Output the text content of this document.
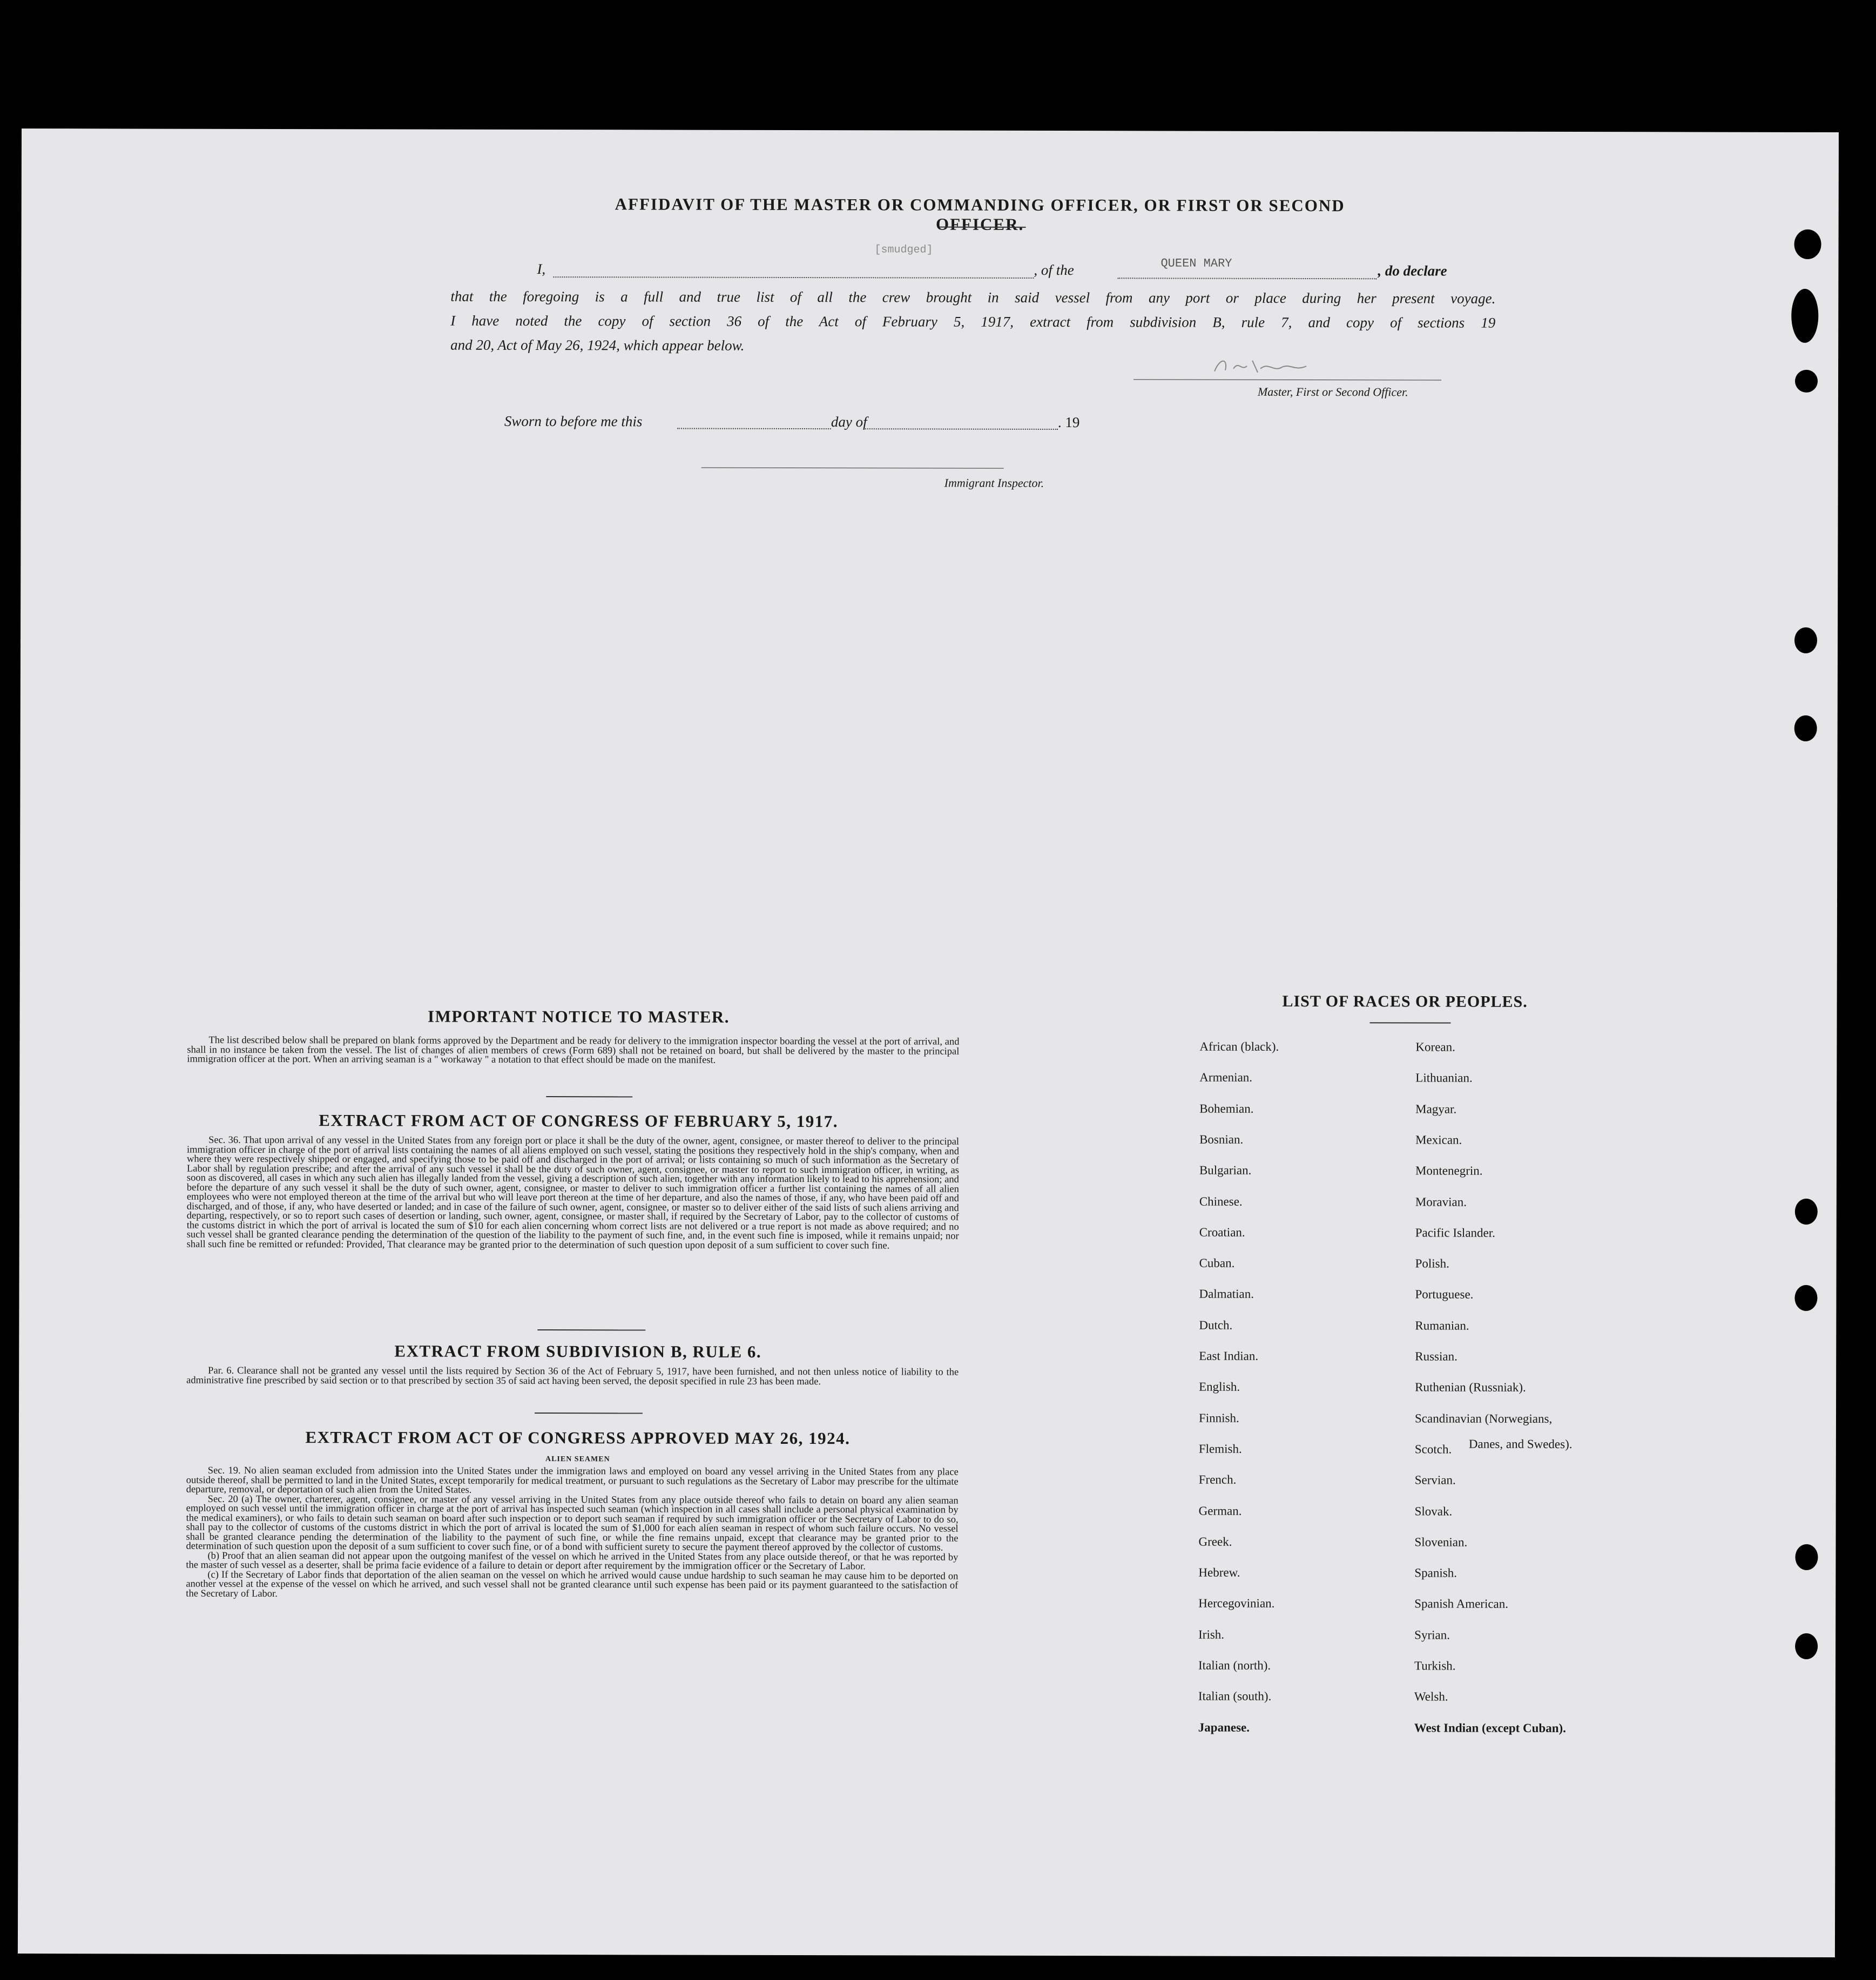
AFFIDAVIT OF THE MASTER OR COMMANDING OFFICER, OR FIRST OR SECOND OFFICER.
I,
[smudged]
, of the	QUEEN MARY	, do declare
that the foregoing is a full and true list of all the crew brought in said vessel from any port or place during her present voyage.
I have noted the copy of section 36 of the Act of February 5, 1917, extract from subdivision B, rule 7, and copy of sections 19
and 20, Act of May 26, 1924, which appear below.
Master, First or Second Officer.
Sworn to before me this	day of	. 19
Immigrant Inspector.
IMPORTANT NOTICE TO MASTER.
The list described below shall be prepared on blank forms approved by the Department and be ready for delivery to the immigration inspector boarding the vessel at the port of arrival, and shall in no instance be taken from the vessel. The list of changes of alien members of crews (Form 689) shall not be retained on board, but shall be delivered by the master to the principal immigration officer at the port. When an arriving seaman is a " workaway " a notation to that effect should be made on the manifest.
EXTRACT FROM ACT OF CONGRESS OF FEBRUARY 5, 1917.
Sec. 36. That upon arrival of any vessel in the United States from any foreign port or place it shall be the duty of the owner, agent, consignee, or master thereof to deliver to the principal immigration officer in charge of the port of arrival lists containing the names of all aliens employed on such vessel, stating the positions they respectively hold in the ship's company, when and where they were respectively shipped or engaged, and specifying those to be paid off and discharged in the port of arrival; or lists containing so much of such information as the Secretary of Labor shall by regulation prescribe; and after the arrival of any such vessel it shall be the duty of such owner, agent, consignee, or master to report to such immigration officer, in writing, as soon as discovered, all cases in which any such alien has illegally landed from the vessel, giving a description of such alien, together with any information likely to lead to his apprehension; and before the departure of any such vessel it shall be the duty of such owner, agent, consignee, or master to deliver to such immigration officer a further list containing the names of all alien employees who were not employed thereon at the time of the arrival but who will leave port thereon at the time of her departure, and also the names of those, if any, who have been paid off and discharged, and of those, if any, who have deserted or landed; and in case of the failure of such owner, agent, consignee, or master so to deliver either of the said lists of such aliens arriving and departing, respectively, or so to report such cases of desertion or landing, such owner, agent, consignee, or master shall, if required by the Secretary of Labor, pay to the collector of customs of the customs district in which the port of arrival is located the sum of $10 for each alien concerning whom correct lists are not delivered or a true report is not made as above required; and no such vessel shall be granted clearance pending the determination of the question of the liability to the payment of such fine, and, in the event such fine is imposed, while it remains unpaid; nor shall such fine be remitted or refunded: Provided, That clearance may be granted prior to the determination of such question upon deposit of a sum sufficient to cover such fine.
EXTRACT FROM SUBDIVISION B, RULE 6.
Par. 6. Clearance shall not be granted any vessel until the lists required by Section 36 of the Act of February 5, 1917, have been furnished, and not then unless notice of liability to the administrative fine prescribed by said section or to that prescribed by section 35 of said act having been served, the deposit specified in rule 23 has been made.
EXTRACT FROM ACT OF CONGRESS APPROVED MAY 26, 1924.
ALIEN SEAMEN

Sec. 19. No alien seaman excluded from admission into the United States under the immigration laws and employed on board any vessel arriving in the United States from any place outside thereof, shall be permitted to land in the United States, except temporarily for medical treatment, or pursuant to such regulations as the Secretary of Labor may prescribe for the ultimate departure, removal, or deportation of such alien from the United States.

Sec. 20 (a) The owner, charterer, agent, consignee, or master of any vessel arriving in the United States from any place outside thereof who fails to detain on board any alien seaman employed on such vessel until the immigration officer in charge at the port of arrival has inspected such seaman (which inspection in all cases shall include a personal physical examination by the medical examiners), or who fails to detain such seaman on board after such inspection or to deport such seaman if required by such immigration officer or the Secretary of Labor to do so, shall pay to the collector of customs of the customs district in which the port of arrival is located the sum of $1,000 for each alien seaman in respect of whom such failure occurs. No vessel shall be granted clearance pending the determination of the liability to the payment of such fine, or while the fine remains unpaid, except that clearance may be granted prior to the determination of such question upon the deposit of a sum sufficient to cover such fine, or of a bond with sufficient surety to secure the payment thereof approved by the collector of customs.

(b) Proof that an alien seaman did not appear upon the outgoing manifest of the vessel on which he arrived in the United States from any place outside thereof, or that he was reported by the master of such vessel as a deserter, shall be prima facie evidence of a failure to detain or deport after requirement by the immigration officer or the Secretary of Labor.

(c) If the Secretary of Labor finds that deportation of the alien seaman on the vessel on which he arrived would cause undue hardship to such seaman he may cause him to be deported on another vessel at the expense of the vessel on which he arrived, and such vessel shall not be granted clearance until such expense has been paid or its payment guaranteed to the satisfaction of the Secretary of Labor.

LIST OF RACES OR PEOPLES.
Danes, and Swedes).
African (black).
Armenian.
Bohemian.
Bosnian.
Bulgarian.
Chinese.
Croatian.
Cuban.
Dalmatian.
Dutch.
East Indian.
English.
Finnish.
Flemish.
French.
German.
Greek.
Hebrew.
Hercegovinian.
Irish.
Italian (north).
Italian (south).
Japanese.
Korean.
Lithuanian.
Magyar.
Mexican.
Montenegrin.
Moravian.
Pacific Islander.
Polish.
Portuguese.
Rumanian.
Russian.
Ruthenian (Russniak).
Scandinavian (Norwegians,
Scotch.
Servian.
Slovak.
Slovenian.
Spanish.
Spanish American.
Syrian.
Turkish.
Welsh.
West Indian (except Cuban).
